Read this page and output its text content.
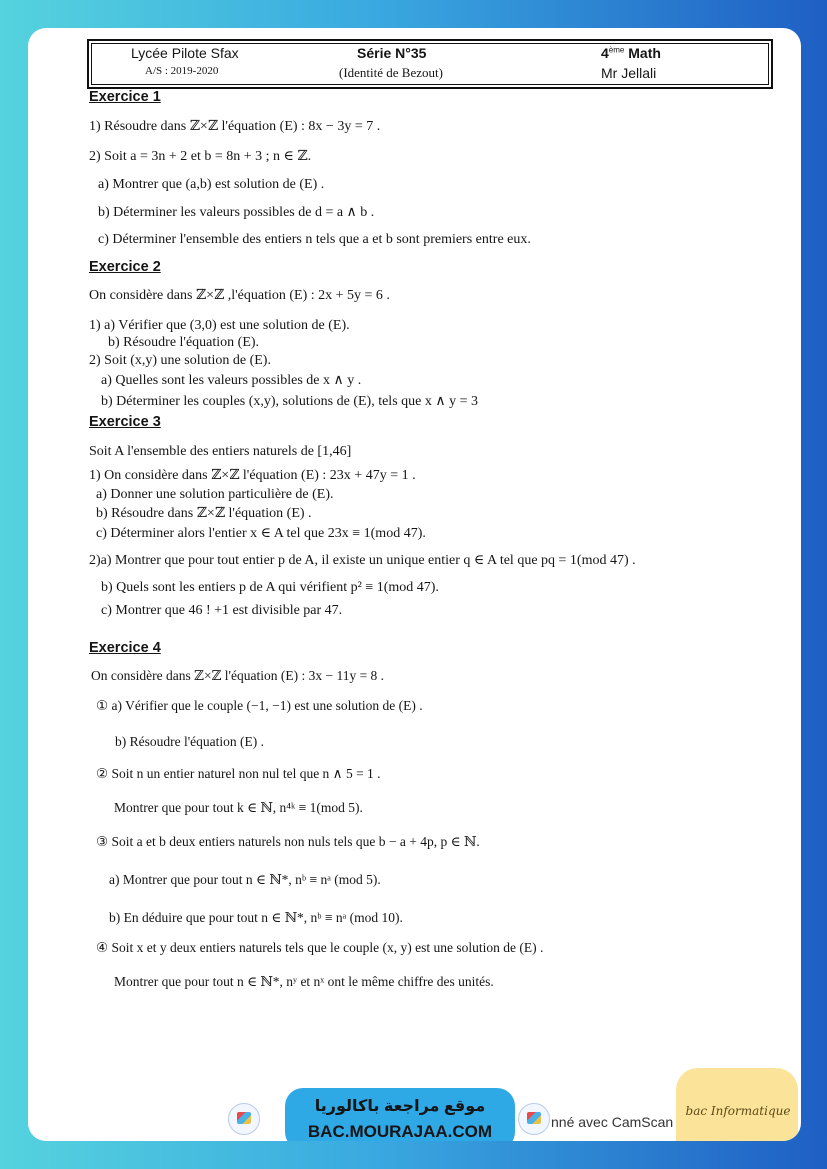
Lycée Pilote Sfax
A/S : 2019-2020
Série N°35
(Identité de Bezout)
4ème Math
Mr Jellali
Exercice 1
1) Résoudre dans ℤ×ℤ l'équation (E) : 8x − 3y = 7 .
2) Soit a = 3n + 2 et b = 8n + 3 ; n ∈ ℤ.
a) Montrer que (a,b) est solution de (E) .
b) Déterminer les valeurs possibles de d = a ∧ b .
c) Déterminer l'ensemble des entiers n tels que a et b sont premiers entre eux.
Exercice 2
On considère dans ℤ×ℤ ,l'équation (E) : 2x + 5y = 6 .
1) a) Vérifier que (3,0) est une solution de (E).
b) Résoudre l'équation (E).
2) Soit (x,y) une solution de (E).
a) Quelles sont les valeurs possibles de x ∧ y .
b) Déterminer les couples (x,y), solutions de (E), tels que x ∧ y = 3
Exercice 3
Soit A l'ensemble des entiers naturels de [1,46]
1) On considère dans ℤ×ℤ l'équation (E) : 23x + 47y = 1 .
a) Donner une solution particulière de (E).
b) Résoudre dans ℤ×ℤ l'équation (E) .
c) Déterminer alors l'entier x ∈ A tel que 23x ≡ 1(mod 47).
2)a) Montrer que pour tout entier p de A, il existe un unique entier q ∈ A tel que pq = 1(mod 47) .
b) Quels sont les entiers p de A qui vérifient p² ≡ 1(mod 47).
c) Montrer que 46 ! +1 est divisible par 47.
Exercice 4
On considère dans ℤ×ℤ l'équation (E) : 3x − 11y = 8 .
① a) Vérifier que le couple (−1, −1) est une solution de (E) .
b) Résoudre l'équation (E) .
② Soit n un entier naturel non nul tel que n ∧ 5 = 1 .
Montrer que pour tout k ∈ ℕ, n⁴ᵏ ≡ 1(mod 5).
③ Soit a et b deux entiers naturels non nuls tels que b − a + 4p, p ∈ ℕ.
a) Montrer que pour tout n ∈ ℕ*, nᵇ ≡ nᵃ (mod 5).
b) En déduire que pour tout n ∈ ℕ*, nᵇ ≡ nᵃ (mod 10).
④ Soit x et y deux entiers naturels tels que le couple (x, y) est une solution de (E) .
Montrer que pour tout n ∈ ℕ*, nʸ et nˣ ont le même chiffre des unités.
موقع مراجعة باكالوريا
BAC.MOURAJAA.COM	nné avec CamScan
bac Informatique
